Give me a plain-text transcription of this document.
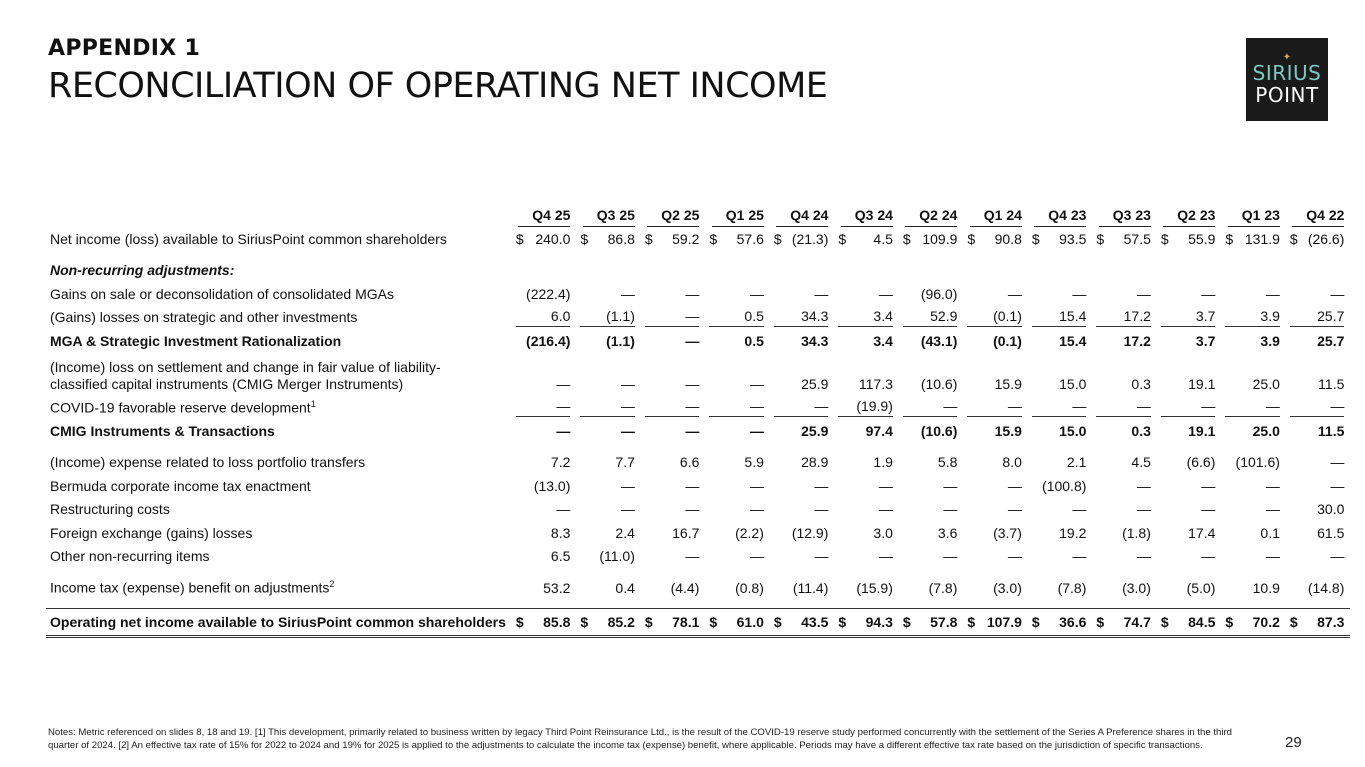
APPENDIX 1
RECONCILIATION OF OPERATING NET INCOME
✦
SIRIUS
POINT
	Q4 25	Q3 25	Q2 25	Q1 25	Q4 24	Q3 24	Q2 24	Q1 24	Q4 23	Q3 23	Q2 23	Q1 23	Q4 22
Net income (loss) available to SiriusPoint common shareholders	$ 240.0	$ 86.8	$ 59.2	$ 57.6	$ (21.3)	$ 4.5	$ 109.9	$ 90.8	$ 93.5	$ 57.5	$ 55.9	$ 131.9	$ (26.6)

Non-recurring adjustments:													
Gains on sale or deconsolidation of consolidated MGAs	(222.4)	—	—	—	—	—	(96.0)	—	—	—	—	—	—
(Gains) losses on strategic and other investments	6.0	(1.1)	—	0.5	34.3	3.4	52.9	(0.1)	15.4	17.2	3.7	3.9	25.7

MGA & Strategic Investment Rationalization	(216.4)	(1.1)	—	0.5	34.3	3.4	(43.1)	(0.1)	15.4	17.2	3.7	3.9	25.7
(Income) loss on settlement and change in fair value of liability-
classified capital instruments (CMIG Merger Instruments)	—	—	—	—	25.9	117.3	(10.6)	15.9	15.0	0.3	19.1	25.0	11.5
COVID-19 favorable reserve development$^1$	—	—	—	—	—	(19.9)	—	—	—	—	—	—	—

CMIG Instruments & Transactions	—	—	—	—	25.9	97.4	(10.6)	15.9	15.0	0.3	19.1	25.0	11.5

(Income) expense related to loss portfolio transfers	7.2	7.7	6.6	5.9	28.9	1.9	5.8	8.0	2.1	4.5	(6.6)	(101.6)	—
Bermuda corporate income tax enactment	(13.0)	—	—	—	—	—	—	—	(100.8)	—	—	—	—
Restructuring costs	—	—	—	—	—	—	—	—	—	—	—	—	30.0
Foreign exchange (gains) losses	8.3	2.4	16.7	(2.2)	(12.9)	3.0	3.6	(3.7)	19.2	(1.8)	17.4	0.1	61.5
Other non-recurring items	6.5	(11.0)	—	—	—	—	—	—	—	—	—	—	—

Income tax (expense) benefit on adjustments$^2$	53.2	0.4	(4.4)	(0.8)	(11.4)	(15.9)	(7.8)	(3.0)	(7.8)	(3.0)	(5.0)	10.9	(14.8)

Operating net income available to SiriusPoint common shareholders	$ 85.8	$ 85.2	$ 78.1	$ 61.0	$ 43.5	$ 94.3	$ 57.8	$ 107.9	$ 36.6	$ 74.7	$ 84.5	$ 70.2	$ 87.3
Notes: Metric referenced on slides 8, 18 and 19. [1] This development, primarily related to business written by legacy Third Point Reinsurance Ltd., is the result of the COVID-19 reserve study performed concurrently with the settlement of the Series A Preference shares in the third quarter of 2024. [2] An effective tax rate of 15% for 2022 to 2024 and 19% for 2025 is applied to the adjustments to calculate the income tax (expense) benefit, where applicable. Periods may have a different effective tax rate based on the jurisdiction of specific transactions.	29
